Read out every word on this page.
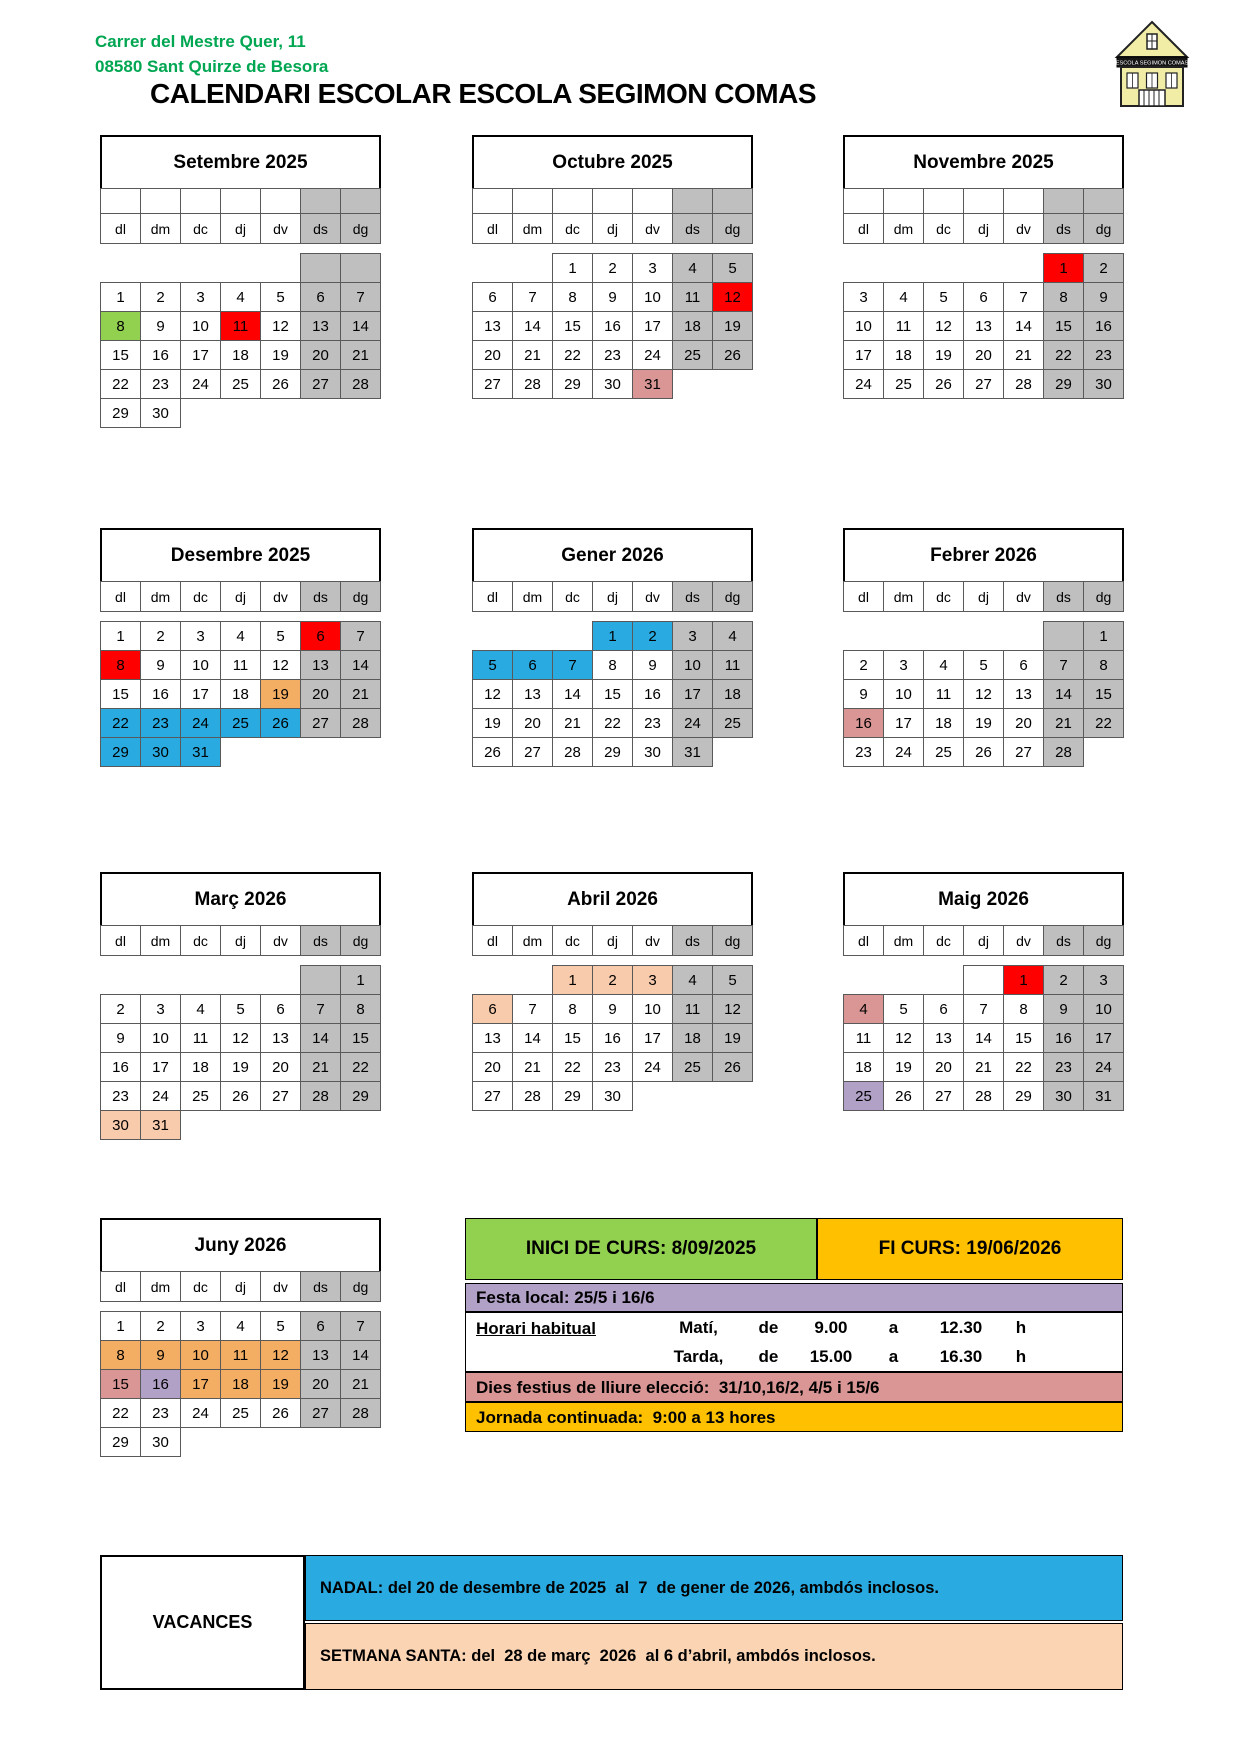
Carrer del Mestre Quer, 11
08580 Sant Quirze de Besora
CALENDARI ESCOLAR ESCOLA SEGIMON COMAS
ESCOLA SEGIMON COMAS
Setembre 2025

dl	dm	dc	dj	dv	ds	dg

1	2	3	4	5	6	7
8	9	10	11	12	13	14
15	16	17	18	19	20	21
22	23	24	25	26	27	28
29	30					
Octubre 2025

dl	dm	dc	dj	dv	ds	dg

		1	2	3	4	5
6	7	8	9	10	11	12
13	14	15	16	17	18	19
20	21	22	23	24	25	26
27	28	29	30	31		
Novembre 2025

dl	dm	dc	dj	dv	ds	dg

					1	2
3	4	5	6	7	8	9
10	11	12	13	14	15	16
17	18	19	20	21	22	23
24	25	26	27	28	29	30
Desembre 2025
dl	dm	dc	dj	dv	ds	dg

1	2	3	4	5	6	7
8	9	10	11	12	13	14
15	16	17	18	19	20	21
22	23	24	25	26	27	28
29	30	31				
Gener 2026
dl	dm	dc	dj	dv	ds	dg

			1	2	3	4
5	6	7	8	9	10	11
12	13	14	15	16	17	18
19	20	21	22	23	24	25
26	27	28	29	30	31	
Febrer 2026
dl	dm	dc	dj	dv	ds	dg

						1
2	3	4	5	6	7	8
9	10	11	12	13	14	15
16	17	18	19	20	21	22
23	24	25	26	27	28	
Març 2026
dl	dm	dc	dj	dv	ds	dg

						1
2	3	4	5	6	7	8
9	10	11	12	13	14	15
16	17	18	19	20	21	22
23	24	25	26	27	28	29
30	31					
Abril 2026
dl	dm	dc	dj	dv	ds	dg

		1	2	3	4	5
6	7	8	9	10	11	12
13	14	15	16	17	18	19
20	21	22	23	24	25	26
27	28	29	30			
Maig 2026
dl	dm	dc	dj	dv	ds	dg

				1	2	3
4	5	6	7	8	9	10
11	12	13	14	15	16	17
18	19	20	21	22	23	24
25	26	27	28	29	30	31
Juny 2026
dl	dm	dc	dj	dv	ds	dg

1	2	3	4	5	6	7
8	9	10	11	12	13	14
15	16	17	18	19	20	21
22	23	24	25	26	27	28
29	30					
INICI DE CURS: 8/09/2025	FI CURS: 19/06/2026
Festa local: 25/5 i 16/6
Horari habitual	Matí,	de	9.00	a	12.30	h
Tarda,	de	15.00	a	16.30	h
Dies festius de lliure elecció:  31/10,16/2, 4/5 i 15/6
Jornada continuada:  9:00 a 13 hores
VACANCES
NADAL: del 20 de desembre de 2025  al  7  de gener de 2026, ambdós inclosos.
SETMANA SANTA: del  28 de març  2026  al 6 d’abril, ambdós inclosos.
